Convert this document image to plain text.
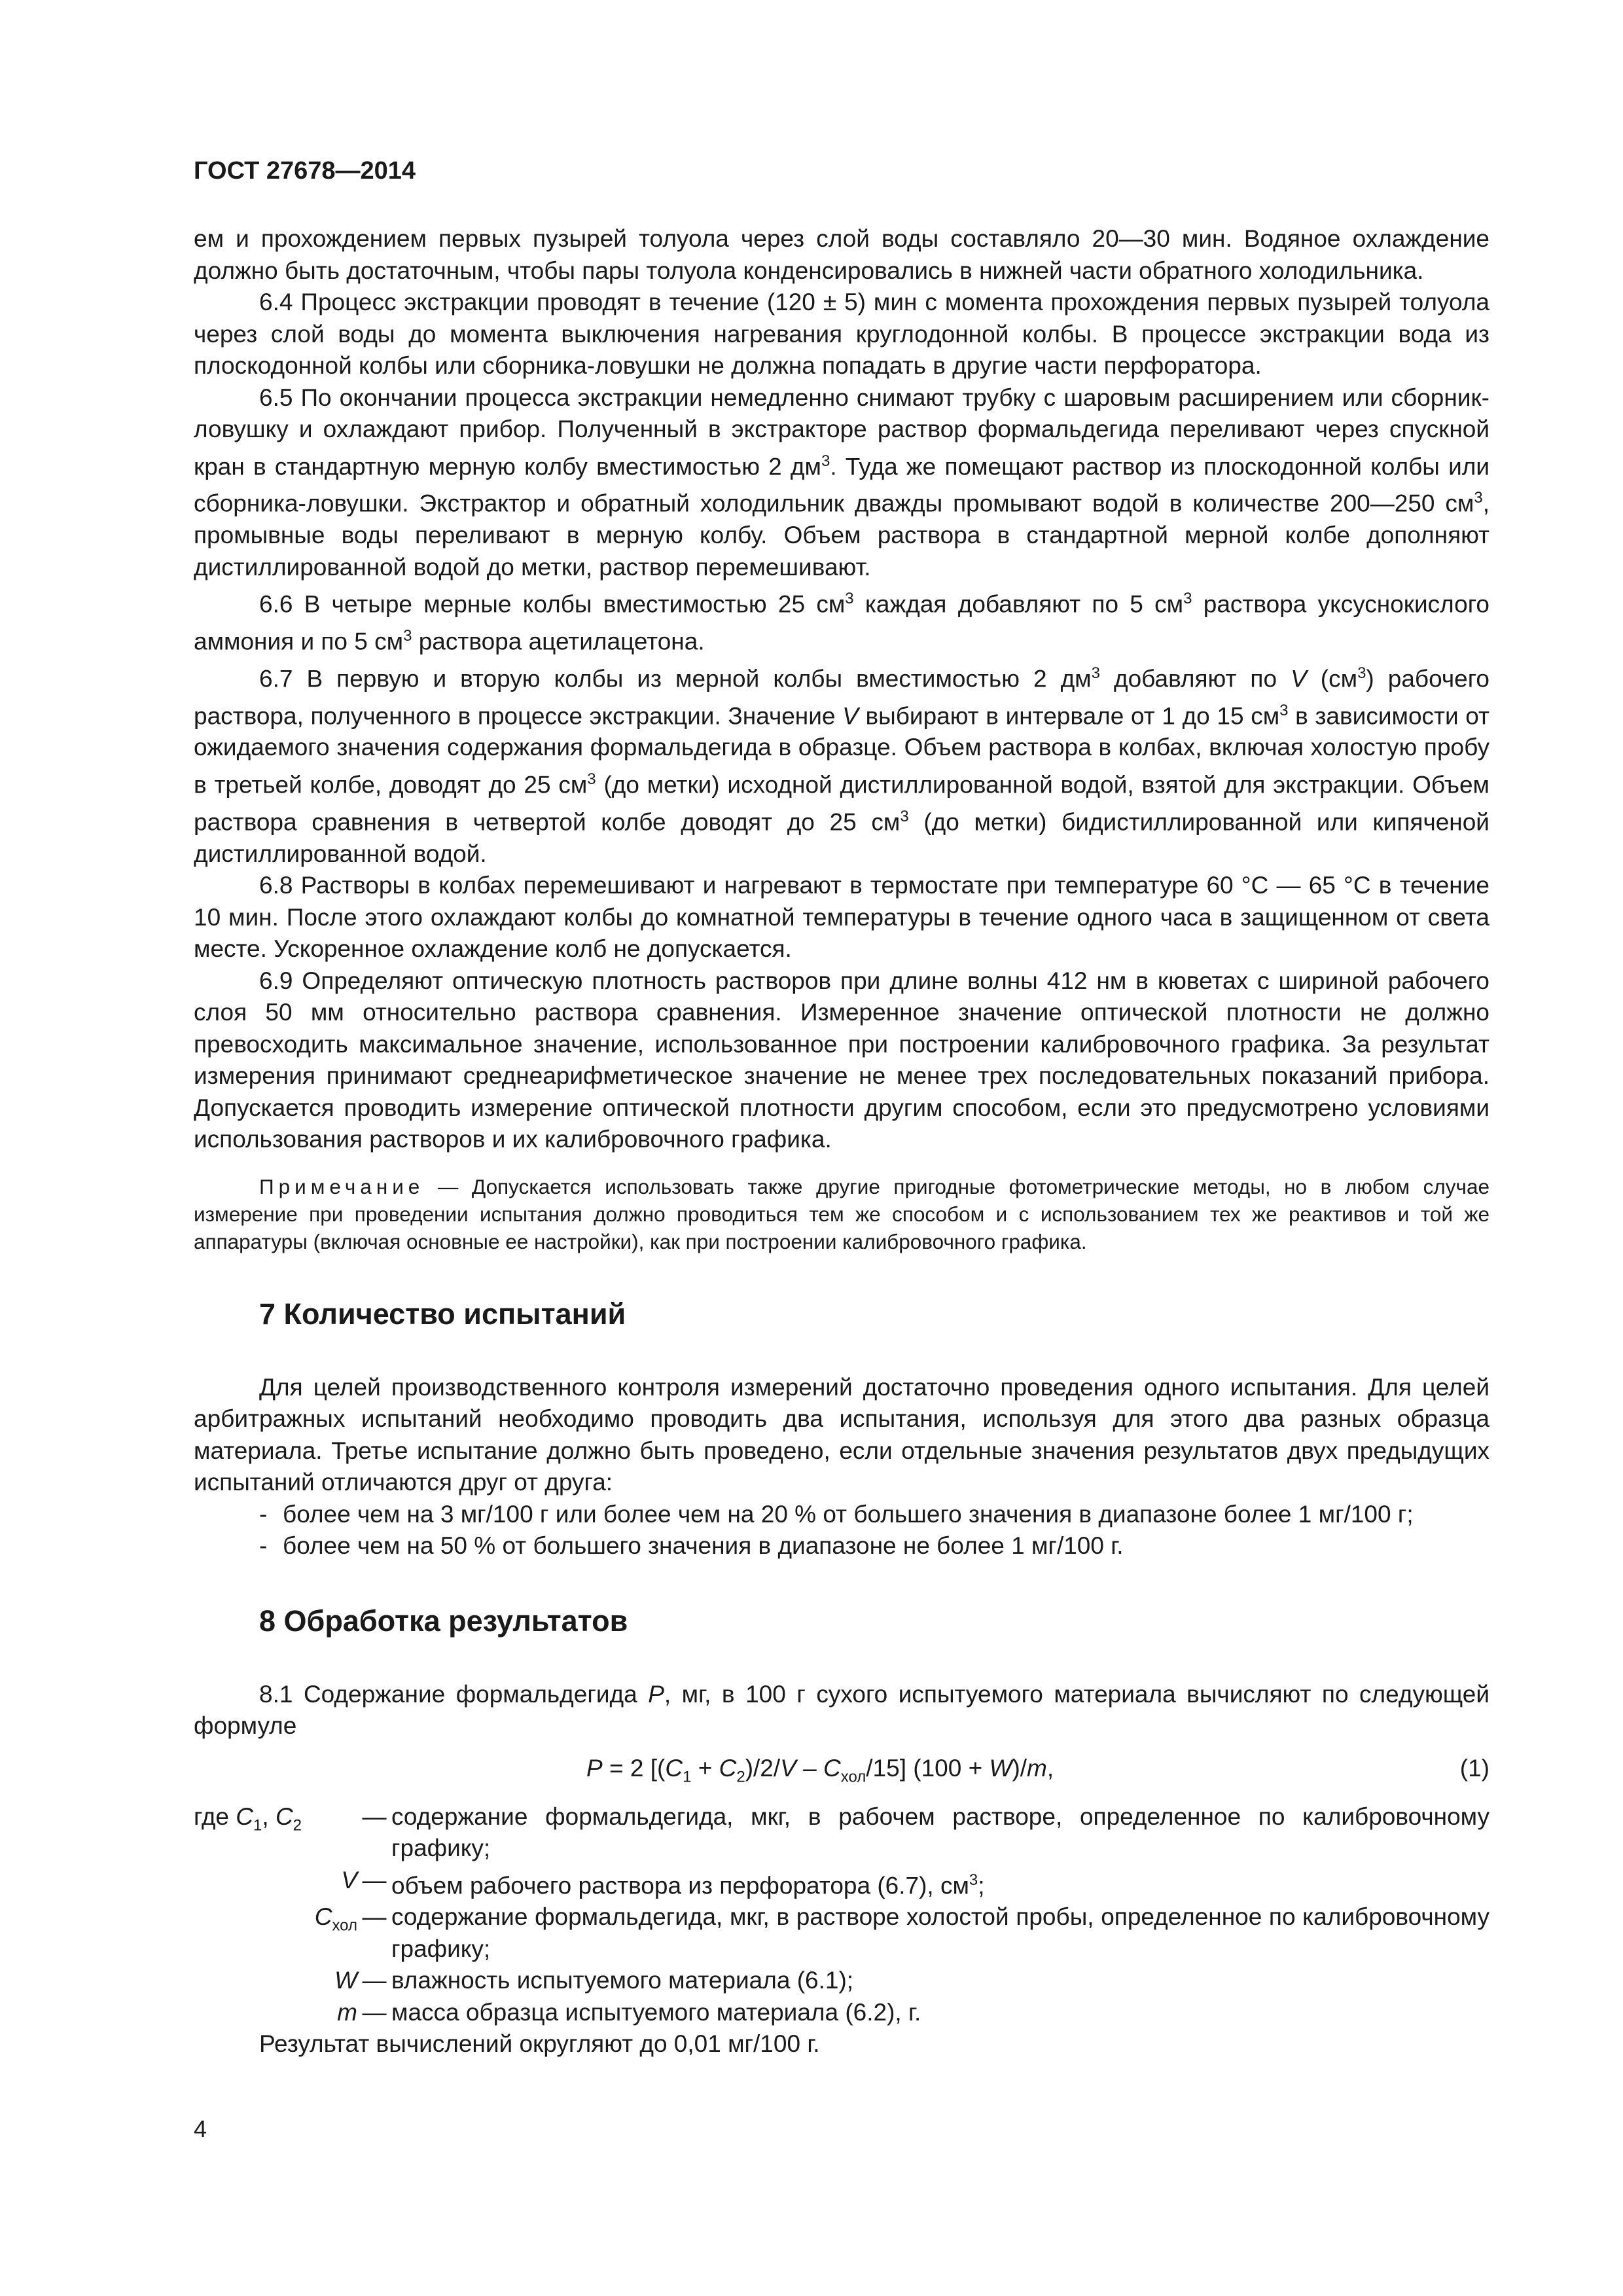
ГОСТ 27678—2014

ем и прохождением первых пузырей толуола через слой воды составляло 20—30 мин. Водяное охлаждение должно быть достаточным, чтобы пары толуола конденсировались в нижней части обратного холодильника.

6.4 Процесс экстракции проводят в течение (120 ± 5) мин с момента прохождения первых пузырей толуола через слой воды до момента выключения нагревания круглодонной колбы. В процессе экстракции вода из плоскодонной колбы или сборника-ловушки не должна попадать в другие части перфоратора.

6.5 По окончании процесса экстракции немедленно снимают трубку с шаровым расширением или сборник-ловушку и охлаждают прибор. Полученный в экстракторе раствор формальдегида переливают через спускной кран в стандартную мерную колбу вместимостью 2 $дм^3$. Туда же помещают раствор из плоскодонной колбы или сборника-ловушки. Экстрактор и обратный холодильник дважды промывают водой в количестве 200—250 $см^3$, промывные воды переливают в мерную колбу. Объем раствора в стандартной мерной колбе дополняют дистиллированной водой до метки, раствор перемешивают.

6.6 В четыре мерные колбы вместимостью 25 $см^3$ каждая добавляют по 5 $см^3$ раствора уксуснокислого аммония и по 5 $см^3$ раствора ацетилацетона.

6.7 В первую и вторую колбы из мерной колбы вместимостью 2 $дм^3$ добавляют по V $(см^3)$ рабочего раствора, полученного в процессе экстракции. Значение V выбирают в интервале от 1 до 15 $см^3$ в зависимости от ожидаемого значения содержания формальдегида в образце. Объем раствора в колбах, включая холостую пробу в третьей колбе, доводят до 25 $см^3$ (до метки) исходной дистиллированной водой, взятой для экстракции. Объем раствора сравнения в четвертой колбе доводят до 25 $см^3$ (до метки) бидистиллированной или кипяченой дистиллированной водой.

6.8 Растворы в колбах перемешивают и нагревают в термостате при температуре 60 °С — 65 °С в течение 10 мин. После этого охлаждают колбы до комнатной температуры в течение одного часа в защищенном от света месте. Ускоренное охлаждение колб не допускается.

6.9 Определяют оптическую плотность растворов при длине волны 412 нм в кюветах с шириной рабочего слоя 50 мм относительно раствора сравнения. Измеренное значение оптической плотности не должно превосходить максимальное значение, использованное при построении калибровочного графика. За результат измерения принимают среднеарифметическое значение не менее трех последовательных показаний прибора. Допускается проводить измерение оптической плотности другим способом, если это предусмотрено условиями использования растворов и их калибровочного графика.

Примечание — Допускается использовать также другие пригодные фотометрические методы, но в любом случае измерение при проведении испытания должно проводиться тем же способом и с использованием тех же реактивов и той же аппаратуры (включая основные ее настройки), как при построении калибровочного графика.
7 Количество испытаний

Для целей производственного контроля измерений достаточно проведения одного испытания. Для целей арбитражных испытаний необходимо проводить два испытания, используя для этого два разных образца материала. Третье испытание должно быть проведено, если отдельные значения результатов двух предыдущих испытаний отличаются друг от друга:

- более чем на 3 мг/100 г или более чем на 20 % от большего значения в диапазоне более 1 мг/100 г;
- более чем на 50 % от большего значения в диапазоне не более 1 мг/100 г.
8 Обработка результатов

8.1 Содержание формальдегида P, мг, в 100 г сухого испытуемого материала вычисляют по следующей формуле

P = 2 $[(C_1 + C_2)/2/V - C_{хол}/15] (100 + W)/m$,	(1)
где $C_1$, $C_2$	— содержание формальдегида, мкг, в рабочем растворе, определенное по калибровочному графику;
V — объем рабочего раствора из перфоратора (6.7), $см^3$;
$C_{хол}$ — содержание формальдегида, мкг, в растворе холостой пробы, определенное по калибровочному графику;
W — влажность испытуемого материала (6.1);
m — масса образца испытуемого материала (6.2), г.
Результат вычислений округляют до 0,01 мг/100 г.
4
